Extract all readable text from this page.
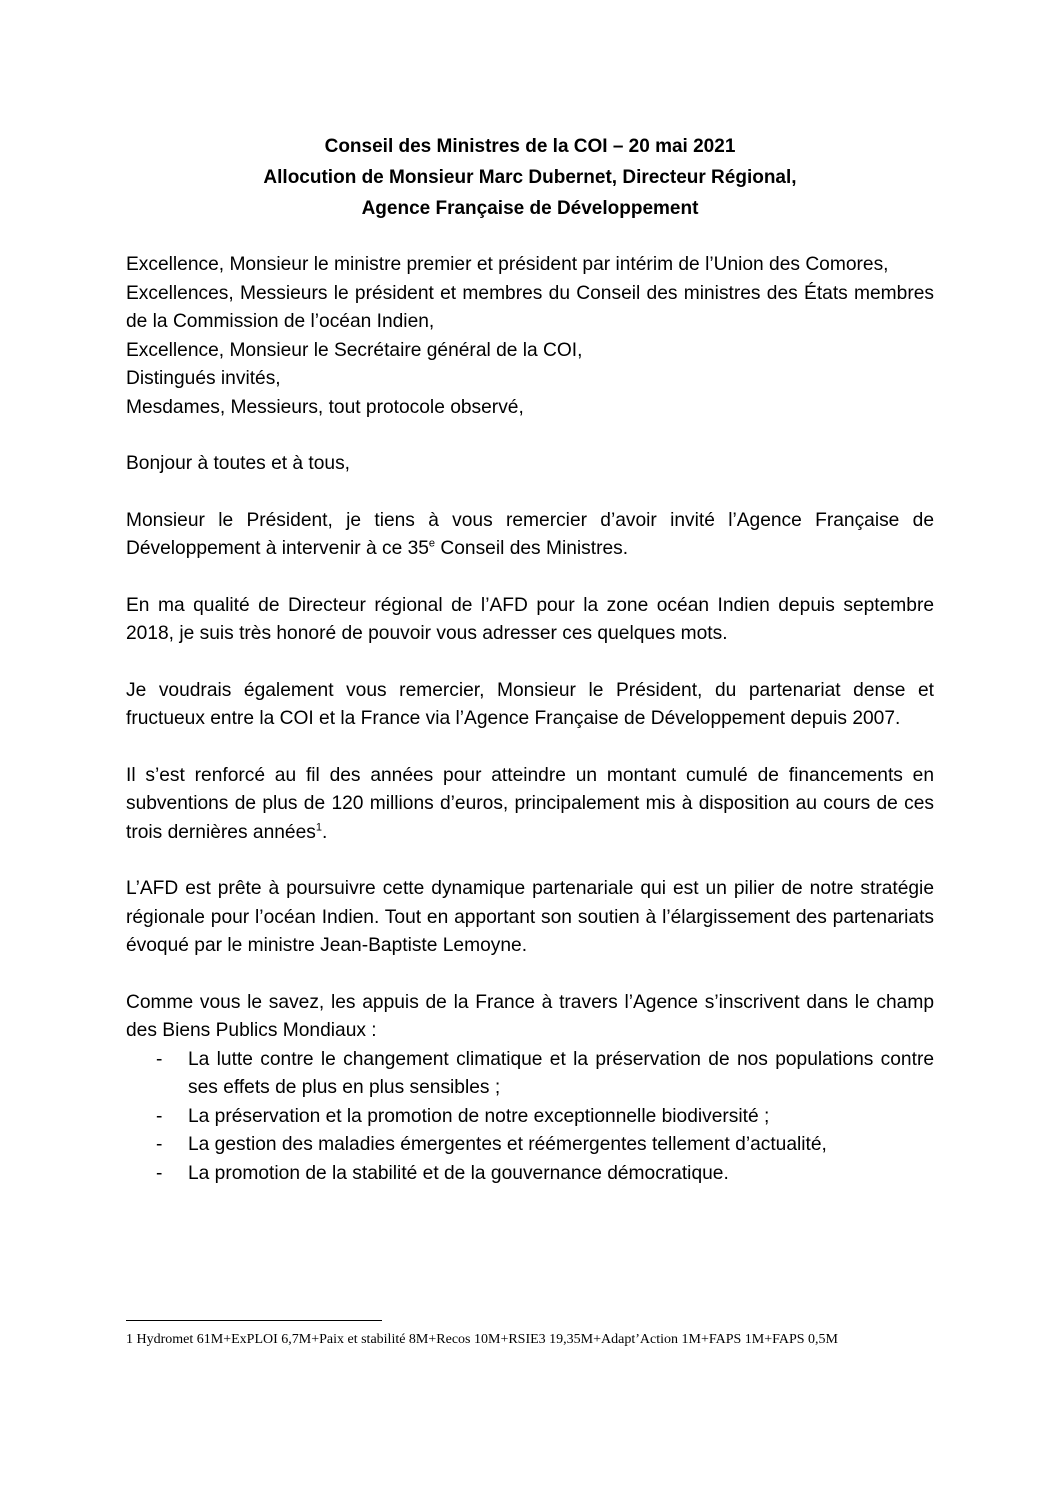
Conseil des Ministres de la COI – 20 mai 2021
Allocution de Monsieur Marc Dubernet, Directeur Régional,
Agence Française de Développement

Excellence, Monsieur le ministre premier et président par intérim de l’Union des Comores,

Excellences, Messieurs le président et membres du Conseil des ministres des États membres de la Commission de l’océan Indien,

Excellence, Monsieur le Secrétaire général de la COI,

Distingués invités,

Mesdames, Messieurs, tout protocole observé,

Bonjour à toutes et à tous,

Monsieur le Président, je tiens à vous remercier d’avoir invité l’Agence Française de Développement à intervenir à ce 35e Conseil des Ministres.

En ma qualité de Directeur régional de l’AFD pour la zone océan Indien depuis septembre 2018, je suis très honoré de pouvoir vous adresser ces quelques mots.

Je voudrais également vous remercier, Monsieur le Président, du partenariat dense et fructueux entre la COI et la France via l’Agence Française de Développement depuis 2007.

Il s’est renforcé au fil des années pour atteindre un montant cumulé de financements en subventions de plus de 120 millions d’euros, principalement mis à disposition au cours de ces trois dernières années$^1$.

L’AFD est prête à poursuivre cette dynamique partenariale qui est un pilier de notre stratégie régionale pour l’océan Indien. Tout en apportant son soutien à l’élargissement des partenariats évoqué par le ministre Jean-Baptiste Lemoyne.

Comme vous le savez, les appuis de la France à travers l’Agence s’inscrivent dans le champ des Biens Publics Mondiaux :

- La lutte contre le changement climatique et la préservation de nos populations contre ses effets de plus en plus sensibles ;
- La préservation et la promotion de notre exceptionnelle biodiversité ;
- La gestion des maladies émergentes et réémergentes tellement d’actualité,
- La promotion de la stabilité et de la gouvernance démocratique.
1 Hydromet 61M+ExPLOI 6,7M+Paix et stabilité 8M+Recos 10M+RSIE3 19,35M+Adapt’Action 1M+FAPS 1M+FAPS 0,5M
